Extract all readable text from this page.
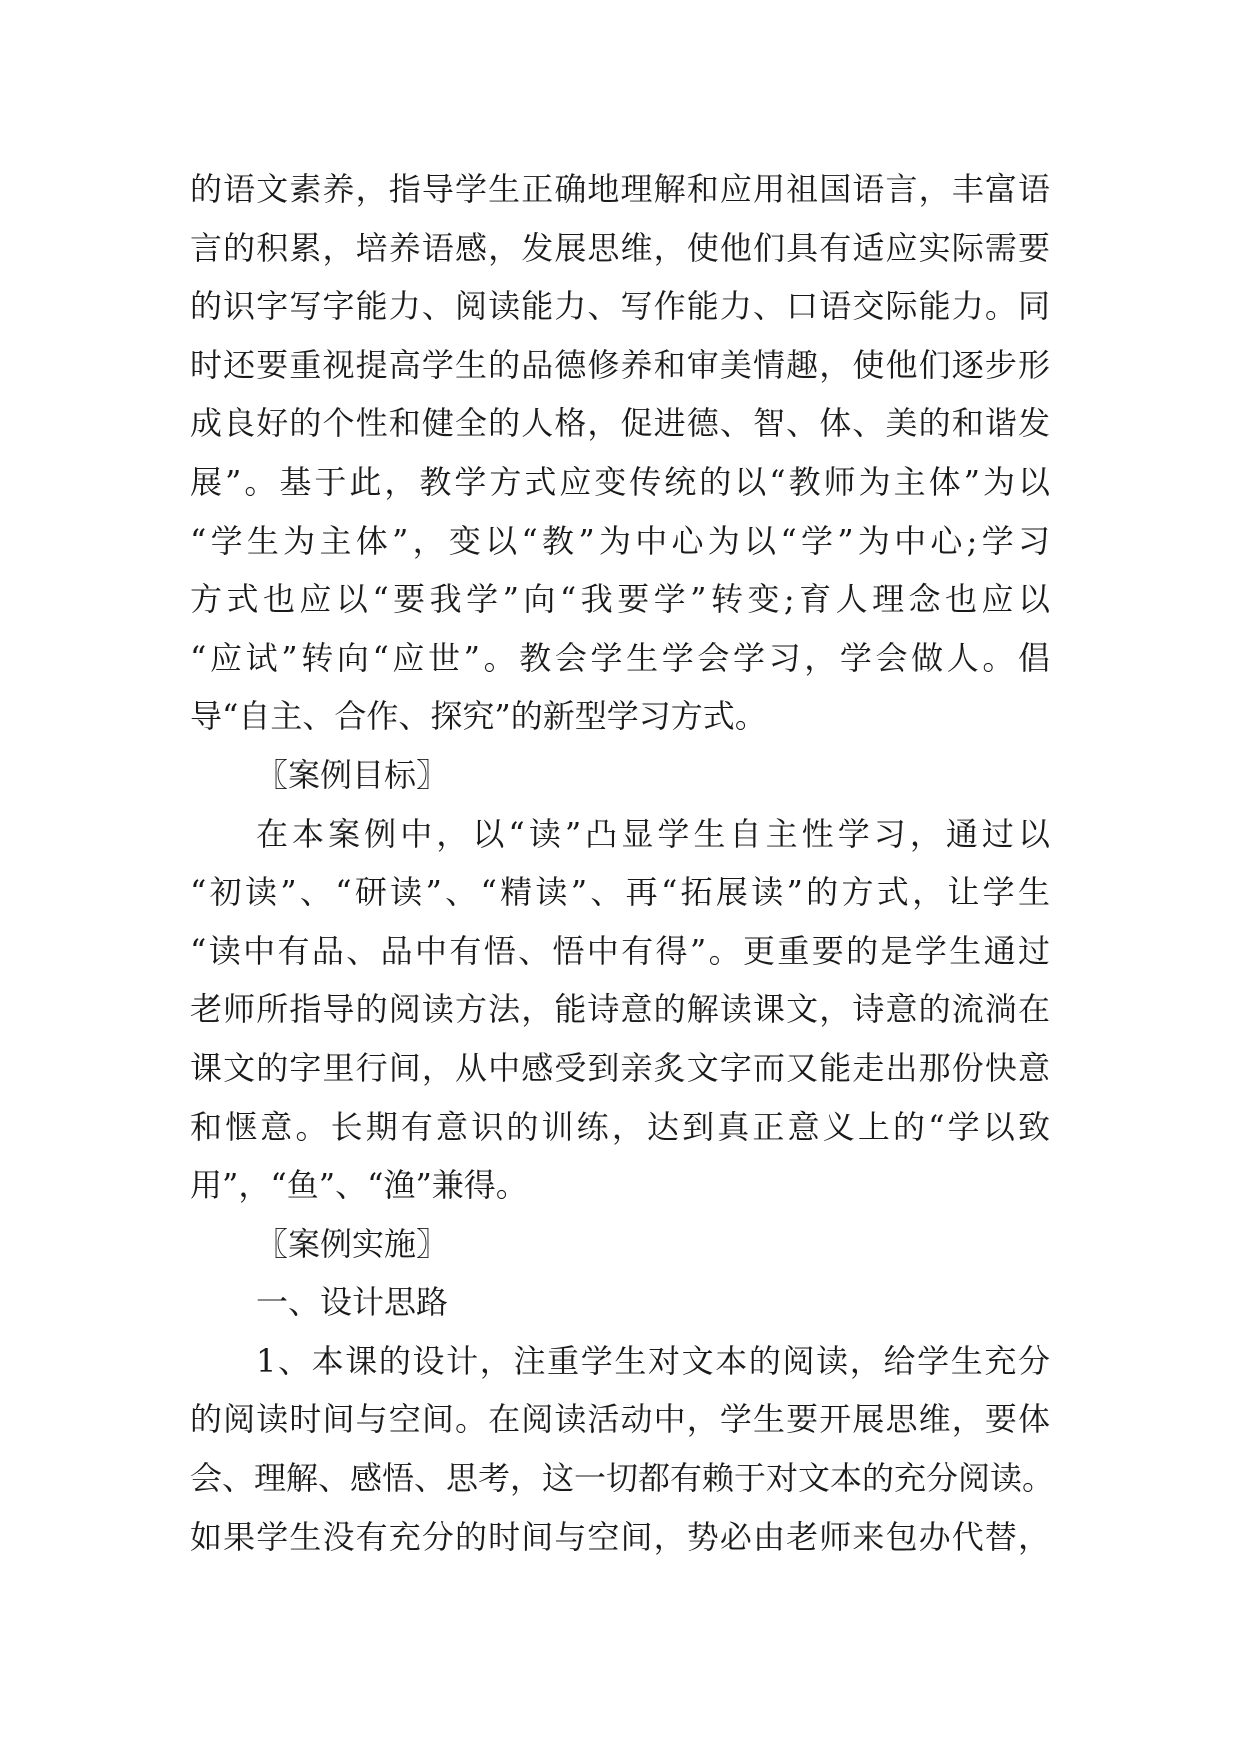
的语文素养，指导学生正确地理解和应用祖国语言，丰富语
言的积累，培养语感，发展思维，使他们具有适应实际需要
的识字写字能力、阅读能力、写作能力、口语交际能力。同
时还要重视提高学生的品德修养和审美情趣，使他们逐步形
成良好的个性和健全的人格，促进德、智、体、美的和谐发
展”。基于此，教学方式应变传统的以“教师为主体”为以
“学生为主体”，变以“教”为中心为以“学”为中心;学习
方式也应以“要我学”向“我要学”转变;育人理念也应以
“应试”转向“应世”。教会学生学会学习，学会做人。倡
导“自主、合作、探究”的新型学习方式。
〖案例目标〗
在本案例中，以“读”凸显学生自主性学习，通过以
“初读”、“研读”、“精读”、再“拓展读”的方式，让学生
“读中有品、品中有悟、悟中有得”。更重要的是学生通过
老师所指导的阅读方法，能诗意的解读课文，诗意的流淌在
课文的字里行间，从中感受到亲炙文字而又能走出那份快意
和惬意。长期有意识的训练，达到真正意义上的“学以致
用”，“鱼”、“渔”兼得。
〖案例实施〗
一、设计思路
1、本课的设计，注重学生对文本的阅读，给学生充分
的阅读时间与空间。在阅读活动中，学生要开展思维，要体
会、理解、感悟、思考，这一切都有赖于对文本的充分阅读。
如果学生没有充分的时间与空间，势必由老师来包办代替，
